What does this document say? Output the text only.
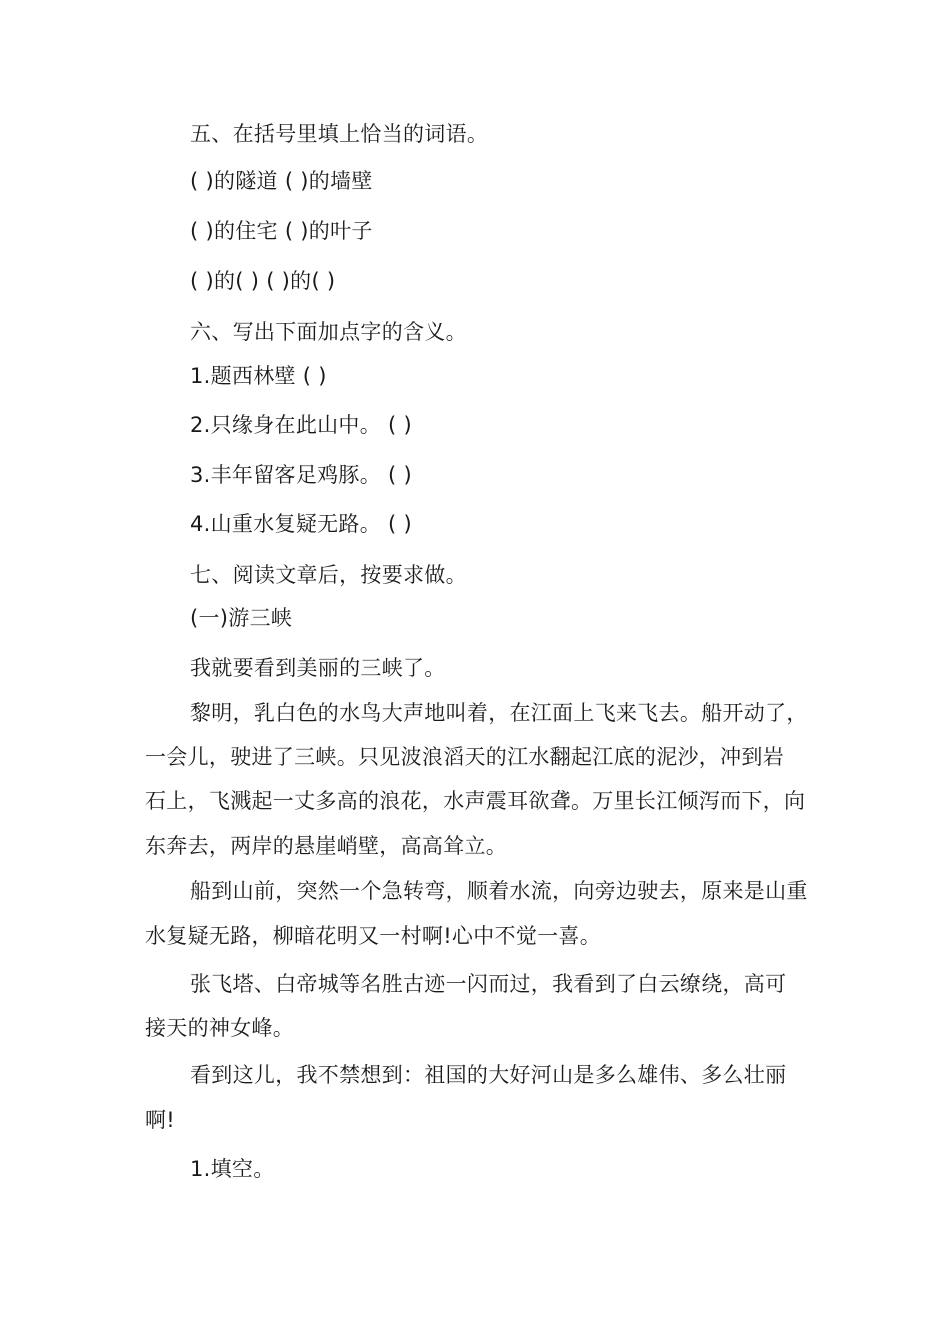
五、在括号里填上恰当的词语。
( )的隧道 ( )的墙壁
( )的住宅 ( )的叶子
( )的( ) ( )的( )
六、写出下面加点字的含义。
1.题西林壁 ( )
2.只缘身在此山中。 ( )
3.丰年留客足鸡豚。 ( )
4.山重水复疑无路。 ( )
七、阅读文章后，按要求做。
(一)游三峡
我就要看到美丽的三峡了。
黎明，乳白色的水鸟大声地叫着，在江面上飞来飞去。船开动了，
一会儿，驶进了三峡。只见波浪滔天的江水翻起江底的泥沙，冲到岩
石上，飞溅起一丈多高的浪花，水声震耳欲聋。万里长江倾泻而下，向
东奔去，两岸的悬崖峭壁，高高耸立。
船到山前，突然一个急转弯，顺着水流，向旁边驶去，原来是山重
水复疑无路，柳暗花明又一村啊!心中不觉一喜。
张飞塔、白帝城等名胜古迹一闪而过，我看到了白云缭绕，高可
接天的神女峰。
看到这儿，我不禁想到：祖国的大好河山是多么雄伟、多么壮丽
啊!
1.填空。
